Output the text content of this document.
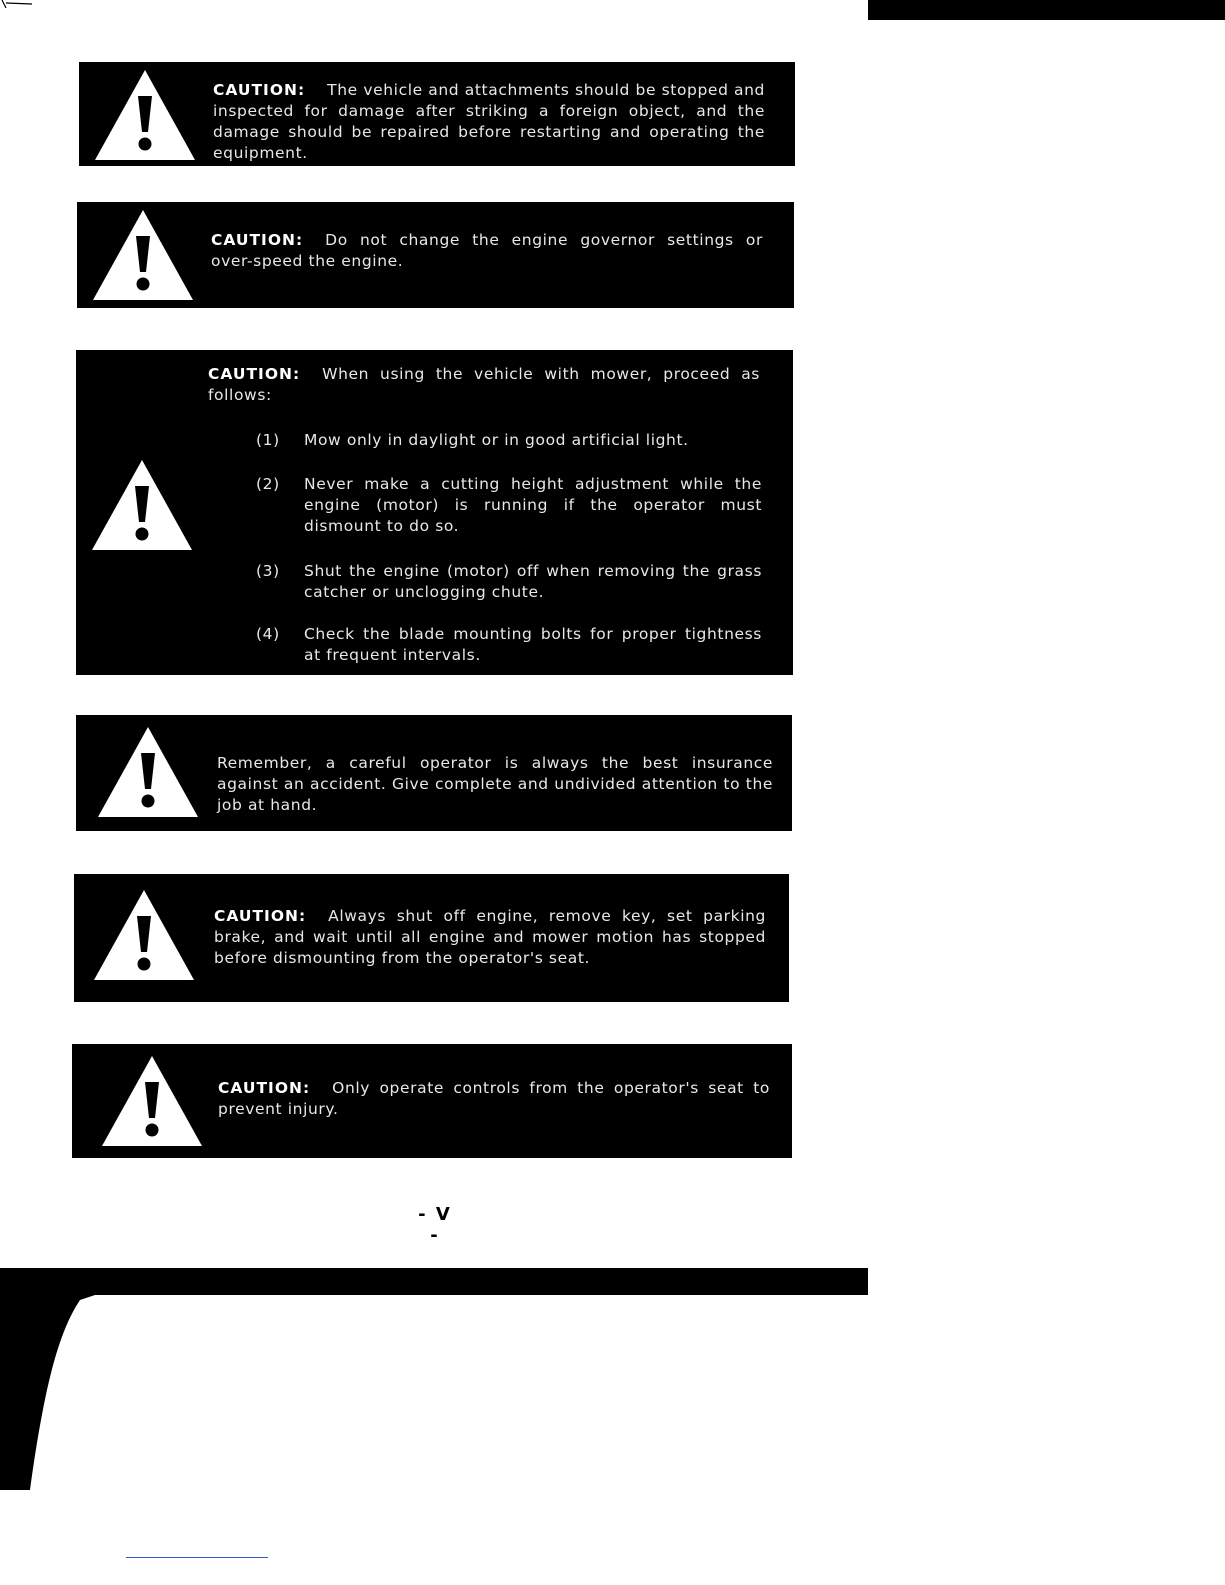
CAUTION: The vehicle and attachments should be stopped and inspected for damage after striking a foreign object, and the damage should be repaired before restarting and operating the equipment.
CAUTION: Do not change the engine governor settings or over-speed the engine.
CAUTION: When using the vehicle with mower, proceed as follows:
(1)	Mow only in daylight or in good artificial light.
(2)	Never make a cutting height adjustment while the engine (motor) is running if the operator must dismount to do so.
(3)	Shut the engine (motor) off when removing the grass catcher or unclogging chute.
(4)	Check the blade mounting bolts for proper tightness at frequent intervals.
Remember, a careful operator is always the best insurance against an accident. Give complete and undivided attention to the job at hand.
CAUTION: Always shut off engine, remove key, set parking brake, and wait until all engine and mower motion has stopped before dismounting from the operator's seat.
CAUTION: Only operate controls from the operator's seat to prevent injury.
- V -
